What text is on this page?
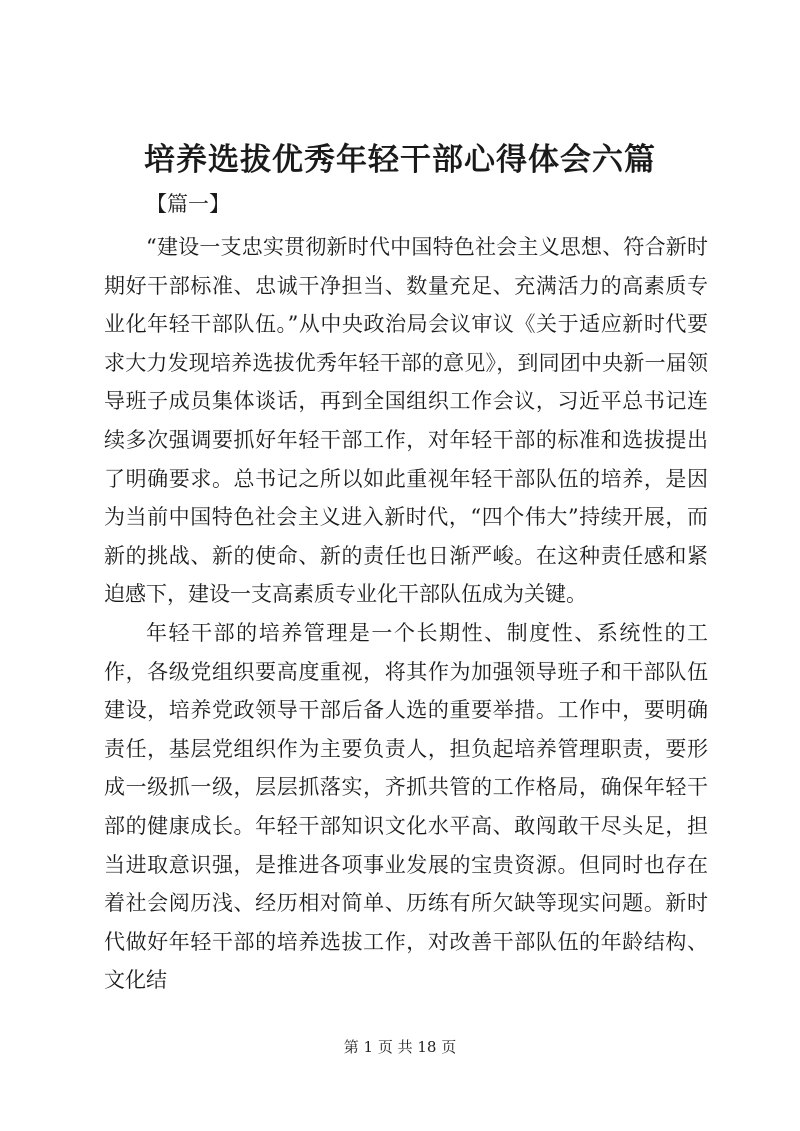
培养选拔优秀年轻干部心得体会六篇
【篇一】

“建设一支忠实贯彻新时代中国特色社会主义思想、符合新时期好干部标准、忠诚干净担当、数量充足、充满活力的高素质专业化年轻干部队伍。”从中央政治局会议审议《关于适应新时代要求大力发现培养选拔优秀年轻干部的意见》，到同团中央新一届领导班子成员集体谈话，再到全国组织工作会议，习近平总书记连续多次强调要抓好年轻干部工作，对年轻干部的标准和选拔提出了明确要求。总书记之所以如此重视年轻干部队伍的培养，是因为当前中国特色社会主义进入新时代，“四个伟大”持续开展，而新的挑战、新的使命、新的责任也日渐严峻。在这种责任感和紧迫感下，建设一支高素质专业化干部队伍成为关键。

年轻干部的培养管理是一个长期性、制度性、系统性的工作，各级党组织要高度重视，将其作为加强领导班子和干部队伍建设，培养党政领导干部后备人选的重要举措。工作中，要明确责任，基层党组织作为主要负责人，担负起培养管理职责，要形成一级抓一级，层层抓落实，齐抓共管的工作格局，确保年轻干部的健康成长。年轻干部知识文化水平高、敢闯敢干尽头足，担当进取意识强，是推进各项事业发展的宝贵资源。但同时也存在着社会阅历浅、经历相对简单、历练有所欠缺等现实问题。新时代做好年轻干部的培养选拔工作，对改善干部队伍的年龄结构、文化结

第 1 页 共 18 页
